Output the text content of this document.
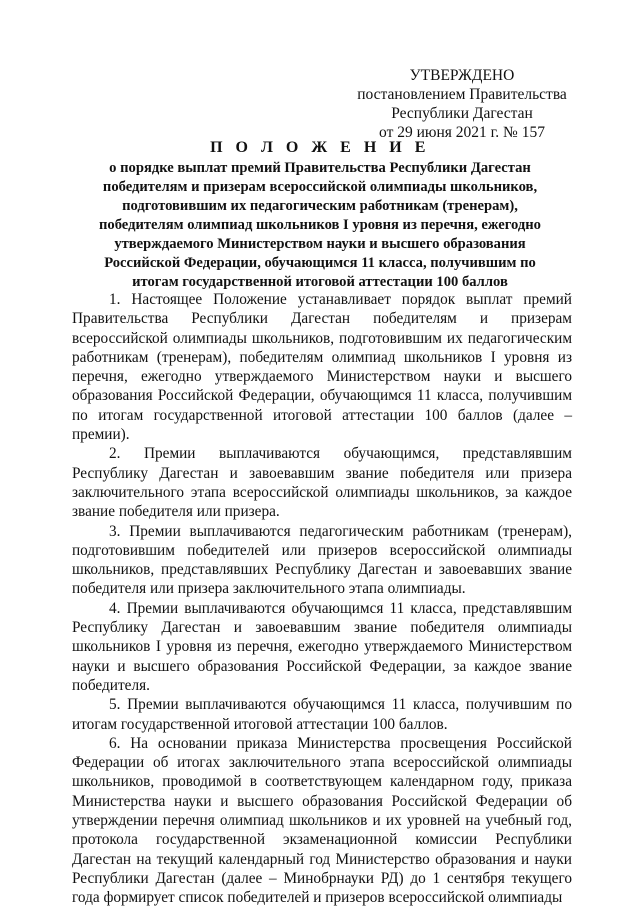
УТВЕРЖДЕНО
постановлением Правительства
Республики Дагестан
от 29 июня 2021 г. № 157
П О Л О Ж Е Н И Е
о порядке выплат премий Правительства Республики Дагестан
победителям и призерам всероссийской олимпиады школьников,
подготовившим их педагогическим работникам (тренерам),
победителям олимпиад школьников I уровня из перечня, ежегодно
утверждаемого Министерством науки и высшего образования
Российской Федерации, обучающимся 11 класса, получившим по
итогам государственной итоговой аттестации 100 баллов

1. Настоящее Положение устанавливает порядок выплат премий Правительства Республики Дагестан победителям и призерам всероссийской олимпиады школьников, подготовившим их педагогическим работникам (тренерам), победителям олимпиад школьников I уровня из перечня, ежегодно утверждаемого Министерством науки и высшего образования Российской Федерации, обучающимся 11 класса, получившим по итогам государственной итоговой аттестации 100 баллов (далее – премии).

2. Премии выплачиваются обучающимся, представлявшим Республику Дагестан и завоевавшим звание победителя или призера заключительного этапа всероссийской олимпиады школьников, за каждое звание победителя или призера.

3. Премии выплачиваются педагогическим работникам (тренерам), подготовившим победителей или призеров всероссийской олимпиады школьников, представлявших Республику Дагестан и завоевавших звание победителя или призера заключительного этапа олимпиады.

4. Премии выплачиваются обучающимся 11 класса, представлявшим Республику Дагестан и завоевавшим звание победителя олимпиады школьников I уровня из перечня, ежегодно утверждаемого Министерством науки и высшего образования Российской Федерации, за каждое звание победителя.

5. Премии выплачиваются обучающимся 11 класса, получившим по итогам государственной итоговой аттестации 100 баллов.

6. На основании приказа Министерства просвещения Российской Федерации об итогах заключительного этапа всероссийской олимпиады школьников, проводимой в соответствующем календарном году, приказа Министерства науки и высшего образования Российской Федерации об утверждении перечня олимпиад школьников и их уровней на учебный год, протокола государственной экзаменационной комиссии Республики Дагестан на текущий календарный год Министерство образования и науки Республики Дагестан (далее – Минобрнауки РД) до 1 сентября текущего года формирует список победителей и призеров всероссийской олимпиады
